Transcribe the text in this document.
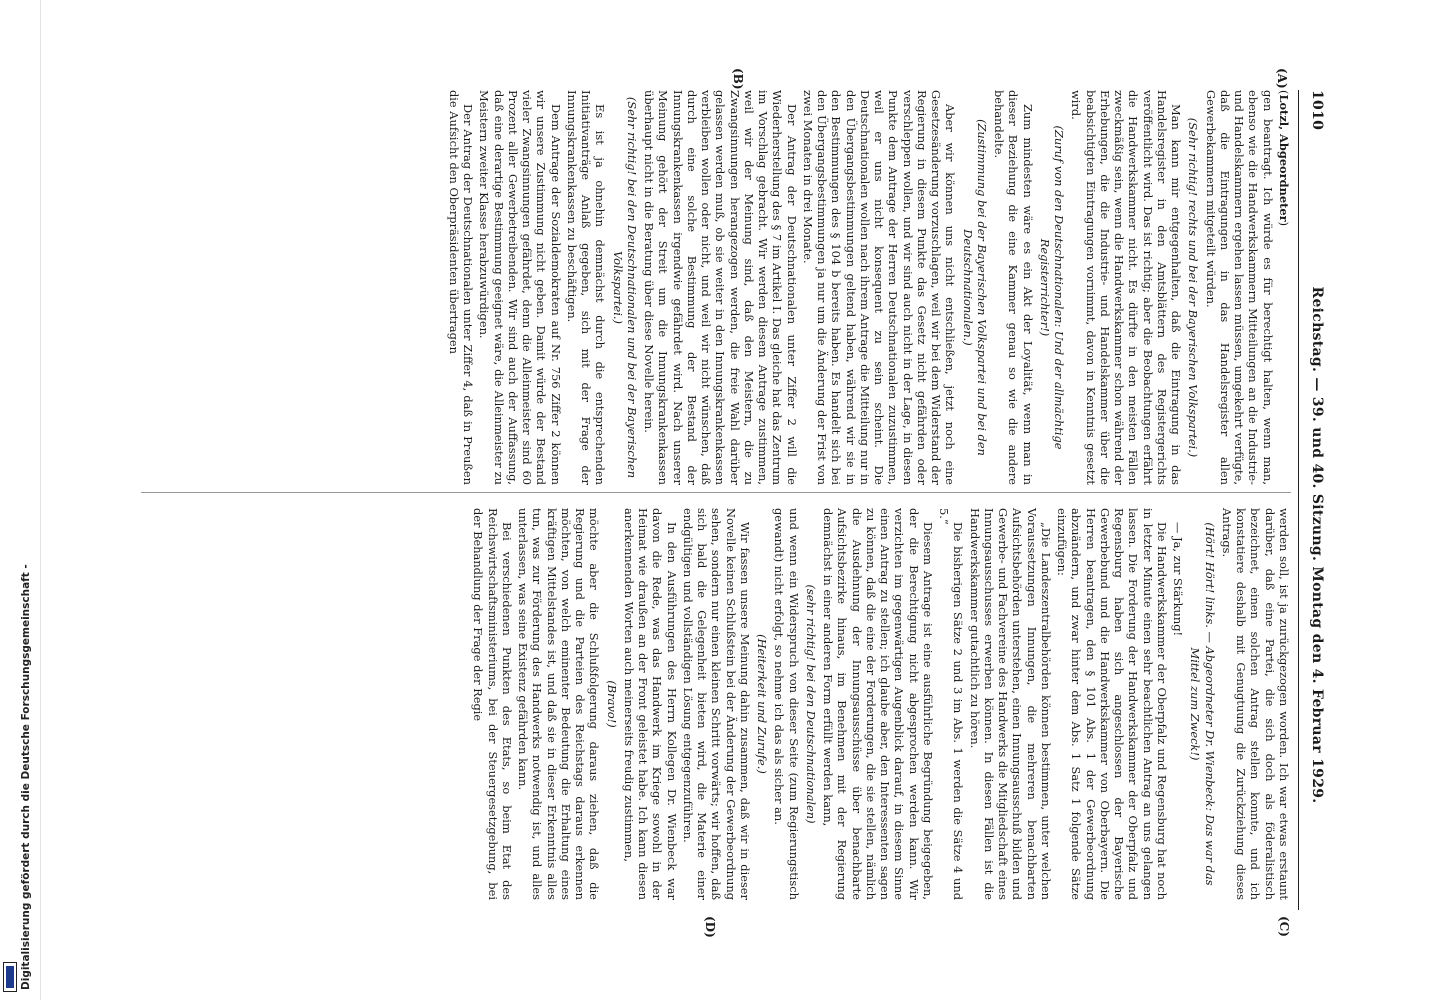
Digitalisierung gefördert durch die Deutsche Forschungsgemeinschaft -
1010
Reichstag. — 39. und 40. Sitzung. Montag den 4. Februar 1929.
(A)
(B)
(C)
(D)

(Lotzl, Abgeordneter)

gen beantragt. Ich würde es für berechtigt halten, wenn man, ebenso wie die Handwerkskammern Mitteilungen an die Industrie- und Handelskammern ergehen lassen müssen, umgekehrt verfügte, daß die Eintragungen in das Handelsregister allen Gewerbekammern mitgeteilt würden.

(Sehr richtig! rechts und bei der Bayerischen Volkspartei.)

Man kann mir entgegenhalten, daß die Eintragung in das Handelsregister in den Amtsblättern des Registergerichts veröffentlicht wird. Das ist richtig; aber die Beobachtungen erfährt die Handwerkskammer nicht. Es dürfte in den meisten Fällen zweckmäßig sein, wenn die Handwerkskammer schon während der Erhebungen, die die Industrie- und Handelskammer über die beabsichtigten Eintragungen vornimmt, davon in Kenntnis gesetzt wird.

(Zuruf von den Deutschnationalen: Und der allmächtige Registerrichter!)

Zum mindesten wäre es ein Akt der Loyalität, wenn man in dieser Beziehung die eine Kammer genau so wie die andere behandelte.

(Zustimmung bei der Bayerischen Volkspartei und bei den Deutschnationalen.)

Aber wir können uns nicht entschließen, jetzt noch eine Gesetzesänderung vorzuschlagen, weil wir bei dem Widerstand der Regierung in diesem Punkte das Gesetz nicht gefährden oder verschleppen wollen, und wir sind auch nicht in der Lage, in diesen Punkte dem Antrage der Herren Deutschnationalen zuzustimmen, weil er uns nicht konsequent zu sein scheint. Die Deutschnationalen wollen nach ihrem Antrage die Mitteilung nur in den Übergangsbestimmungen geltend haben, während wir sie in den Bestimmungen des § 104 b bereits haben. Es handelt sich bei den Übergangsbestimmungen ja nur um die Änderung der Frist von zwei Monaten in drei Monate.

Der Antrag der Deutschnationalen unter Ziffer 2 will die Wiederherstellung des § 7 im Artikel I. Das gleiche hat das Zentrum im Vorschlag gebracht. Wir werden diesem Antrage zustimmen, weil wir der Meinung sind, daß den Meistern, die zu Zwangsinnungen herangezogen werden, die freie Wahl darüber gelassen werden muß, ob sie weiter in den Innungskrankenkassen verbleiben wollen oder nicht, und weil wir nicht wünschen, daß durch eine solche Bestimmung der Bestand der Innungskrankenkassen irgendwie gefährdet wird. Nach unserer Meinung gehört der Streit um die Innungskrankenkassen überhaupt nicht in die Beratung über diese Novelle herein.

(Sehr richtig! bei den Deutschnationalen und bei der Bayerischen Volkspartei.)

Es ist ja ohnehin demnächst durch die entsprechenden Initiativanträge Anlaß gegeben, sich mit der Frage der Innungskrankenkassen zu beschäftigen.

Dem Antrage der Sozialdemokraten auf Nr. 756 Ziffer 2 können wir unsere Zustimmung nicht geben. Damit würde der Bestand vieler Zwangsinnungen gefährdet, denn die Alleinmeister sind 60 Prozent aller Gewerbetreibenden. Wir sind auch der Auffassung, daß eine derartige Bestimmung geeignet wäre, die Alleinmeister zu Meistern zweiter Klasse herabzuwürdigen.

Der Antrag der Deutschnationalen unter Ziffer 4, daß in Preußen die Aufsicht den Oberpräsidenten übertragen

werden soll, ist ja zurückgezogen worden. Ich war etwas erstaunt darüber, daß eine Partei, die sich doch als föderalistisch bezeichnet, einen solchen Antrag stellen konnte, und ich konstatiere deshalb mit Genugtuung die Zurückziehung dieses Antrags.

(Hört! Hört! links. — Abgeordneter Dr. Wienbeck: Das war das Mittel zum Zweck!)

— Ja, zur Stärkung!

Die Handwerkskammer der Oberpfalz und Regensburg hat noch in letzter Minute einen sehr beachtlichen Antrag an uns gelangen lassen. Die Forderung der Handwerkskammer der Oberpfalz und Regensburg haben sich angeschlossen der Bayerische Gewerbebund und die Handwerkskammer von Oberbayern. Die Herren beantragen, den § 101 Abs. 1 der Gewerbeordnung abzuändern, und zwar hinter dem Abs. 1 Satz 1 folgende Sätze einzufügen:

„Die Landeszentralbehörden können bestimmen, unter welchen Voraussetzungen Innungen, die mehreren benachbarten Aufsichtsbehörden unterstehen, einen Innungsausschuß bilden und Gewerbe- und Fachvereine des Handwerks die Mitgliedschaft eines Innungsausschusses erwerben können. In diesen Fällen ist die Handwerkskammer gutachtlich zu hören.

Die bisherigen Sätze 2 und 3 im Abs. 1 werden die Sätze 4 und 5.“

Diesem Antrage ist eine ausführliche Begründung beigegeben, der die Berechtigung nicht abgesprochen werden kann. Wir verzichten im gegenwärtigen Augenblick darauf, in diesem Sinne einen Antrag zu stellen; ich glaube aber, den Interessenten sagen zu können, daß die eine der Forderungen, die sie stellen, nämlich die Ausdehnung der Innungsausschüsse über benachbarte Aufsichtsbezirke hinaus, im Benehmen mit der Regierung demnächst in einer anderen Form erfüllt werden kann,

(sehr richtig! bei den Deutschnationalen)

und wenn ein Widerspruch von dieser Seite (zum Regierungstisch gewandt) nicht erfolgt, so nehme ich das als sicher an.

(Heiterkeit und Zurufe.)

Wir fassen unsere Meinung dahin zusammen, daß wir in dieser Novelle keinen Schlußstein bei der Änderung der Gewerbeordnung sehen, sondern nur einen kleinen Schritt vorwärts; wir hoffen, daß sich bald die Gelegenheit bieten wird, die Materie einer endgültigen und vollständigen Lösung entgegenzuführen.

In den Ausführungen des Herrn Kollegen Dr. Wienbeck war davon die Rede, was das Handwerk im Kriege sowohl in der Heimat wie draußen an der Front geleistet habe. Ich kann diesen anerkennenden Worten auch meinerseits freudig zustimmen,

(Bravo!)

möchte aber die Schlußfolgerung daraus ziehen, daß die Regierung und die Parteien des Reichstags daraus erkennen möchten, von welch eminenter Bedeutung die Erhaltung eines kräftigen Mittelstandes ist, und daß sie in dieser Erkenntnis alles tun, was zur Förderung des Handwerks notwendig ist, und alles unterlassen, was seine Existenz gefährden kann.

Bei verschiedenen Punkten des Etats, so beim Etat des Reichswirtschaftsministeriums, bei der Steuergesetzgebung, bei der Behandlung der Frage der Regie
